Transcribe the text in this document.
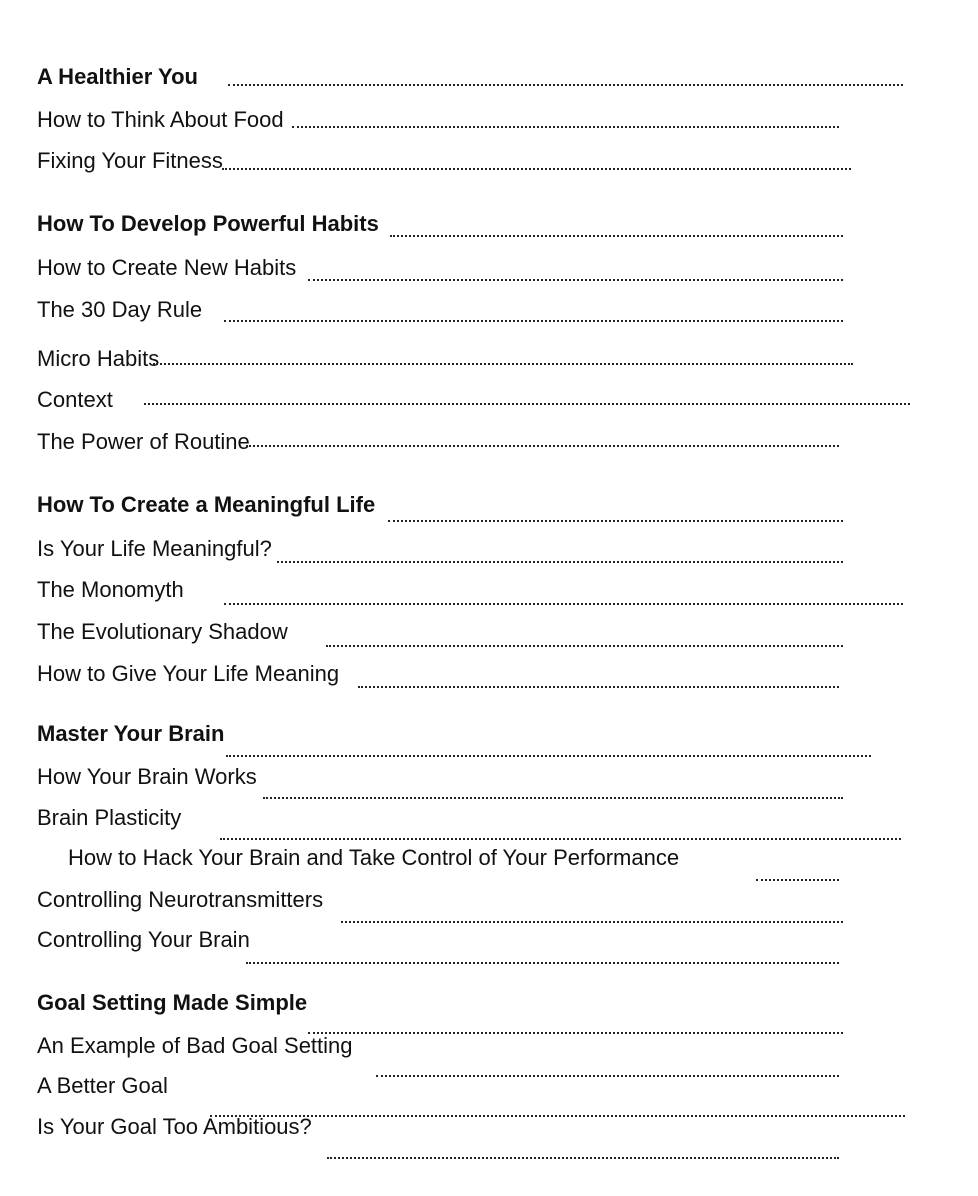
A Healthier You
How to Think About Food
Fixing Your Fitness
How To Develop Powerful Habits
How to Create New Habits
The 30 Day Rule
Micro Habits
Context
The Power of Routine
How To Create a Meaningful Life
Is Your Life Meaningful?
The Monomyth
The Evolutionary Shadow
How to Give Your Life Meaning
Master Your Brain
How Your Brain Works
Brain Plasticity
How to Hack Your Brain and Take Control of Your Performance
Controlling Neurotransmitters
Controlling Your Brain
Goal Setting Made Simple
An Example of Bad Goal Setting
A Better Goal
Is Your Goal Too Ambitious?
